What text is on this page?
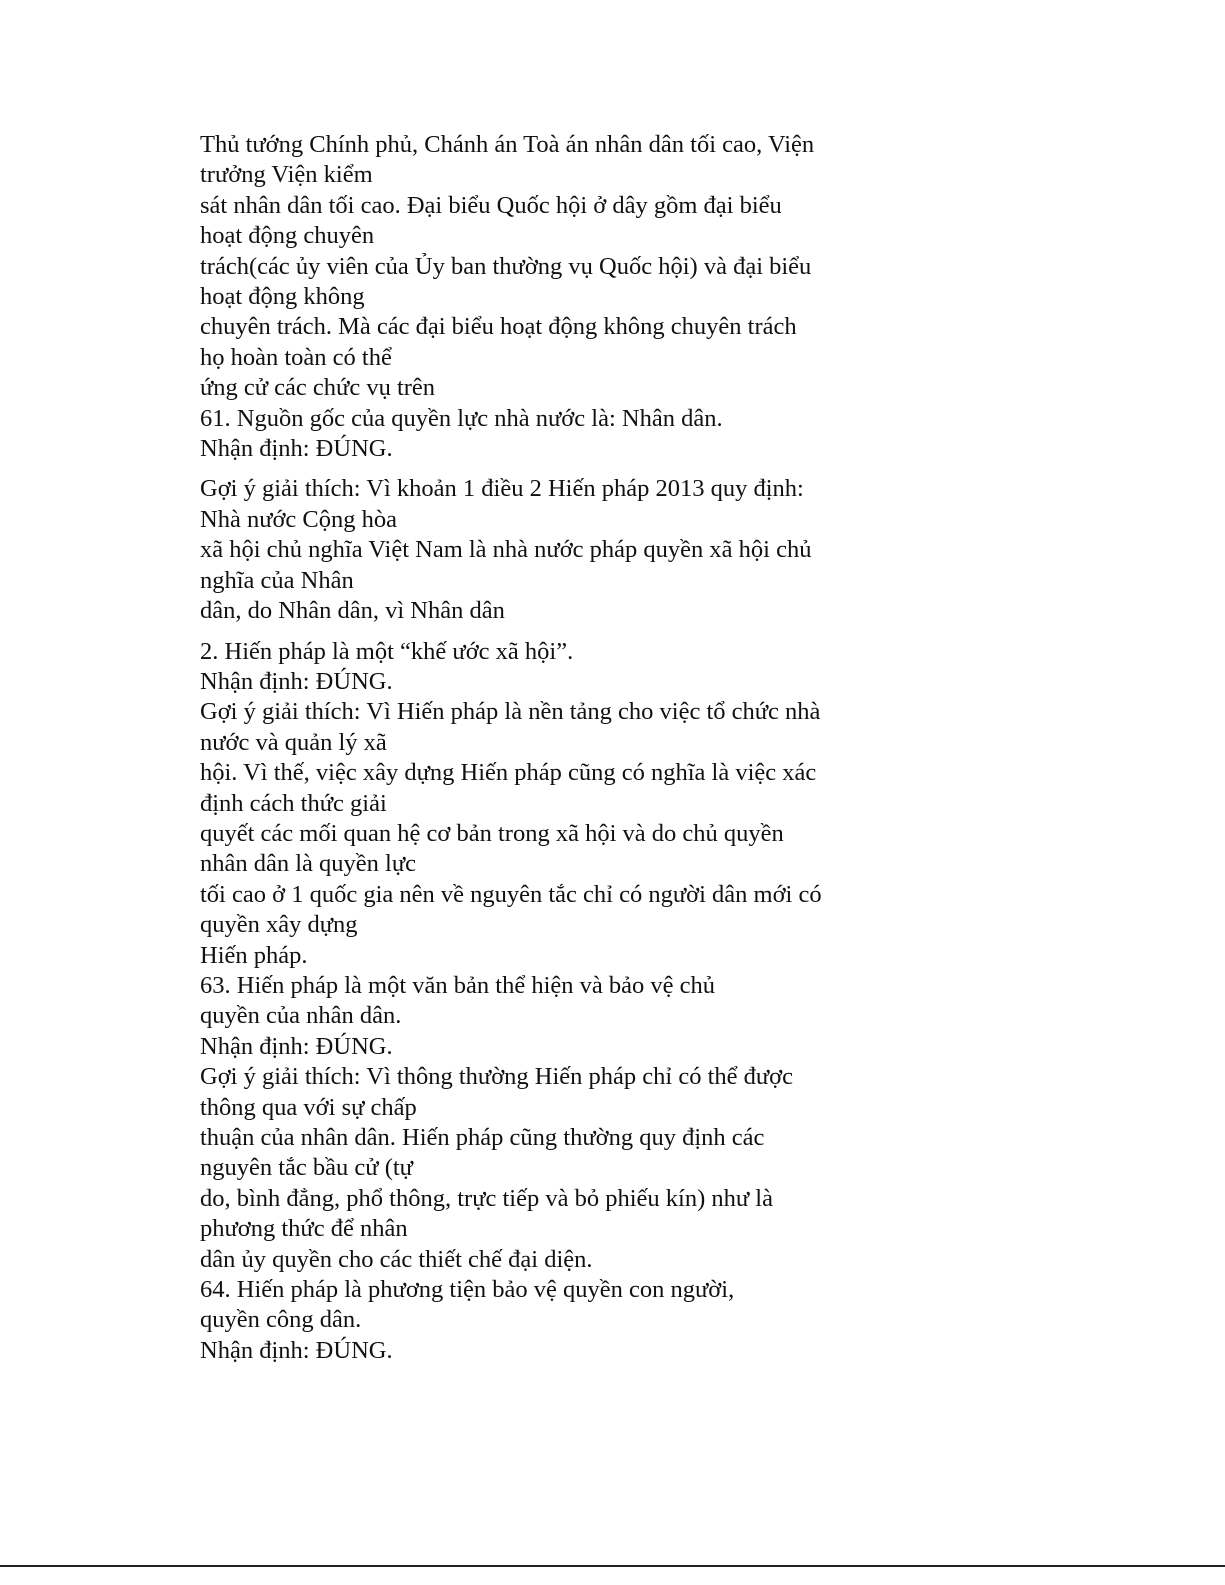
Thủ tướng Chính phủ, Chánh án Toà án nhân dân tối cao, Viện
trưởng Viện kiểm
sát nhân dân tối cao. Đại biểu Quốc hội ở dây gồm đại biểu
hoạt động chuyên
trách(các ủy viên của Ủy ban thường vụ Quốc hội) và đại biểu
hoạt động không
chuyên trách. Mà các đại biểu hoạt động không chuyên trách
họ hoàn toàn có thể
ứng cử các chức vụ trên
61. Nguồn gốc của quyền lực nhà nước là: Nhân dân.
Nhận định: ĐÚNG.
Gợi ý giải thích: Vì khoản 1 điều 2 Hiến pháp 2013 quy định:
Nhà nước Cộng hòa
xã hội chủ nghĩa Việt Nam là nhà nước pháp quyền xã hội chủ
nghĩa của Nhân
dân, do Nhân dân, vì Nhân dân
2. Hiến pháp là một “khế ước xã hội”.
Nhận định: ĐÚNG.
Gợi ý giải thích: Vì Hiến pháp là nền tảng cho việc tổ chức nhà
nước và quản lý xã
hội. Vì thế, việc xây dựng Hiến pháp cũng có nghĩa là việc xác
định cách thức giải
quyết các mối quan hệ cơ bản trong xã hội và do chủ quyền
nhân dân là quyền lực
tối cao ở 1 quốc gia nên về nguyên tắc chỉ có người dân mới có
quyền xây dựng
Hiến pháp.
63. Hiến pháp là một văn bản thể hiện và bảo vệ chủ
quyền của nhân dân.
Nhận định: ĐÚNG.
Gợi ý giải thích: Vì thông thường Hiến pháp chỉ có thể được
thông qua với sự chấp
thuận của nhân dân. Hiến pháp cũng thường quy định các
nguyên tắc bầu cử (tự
do, bình đẳng, phổ thông, trực tiếp và bỏ phiếu kín) như là
phương thức để nhân
dân ủy quyền cho các thiết chế đại diện.
64. Hiến pháp là phương tiện bảo vệ quyền con người,
quyền công dân.
Nhận định: ĐÚNG.
